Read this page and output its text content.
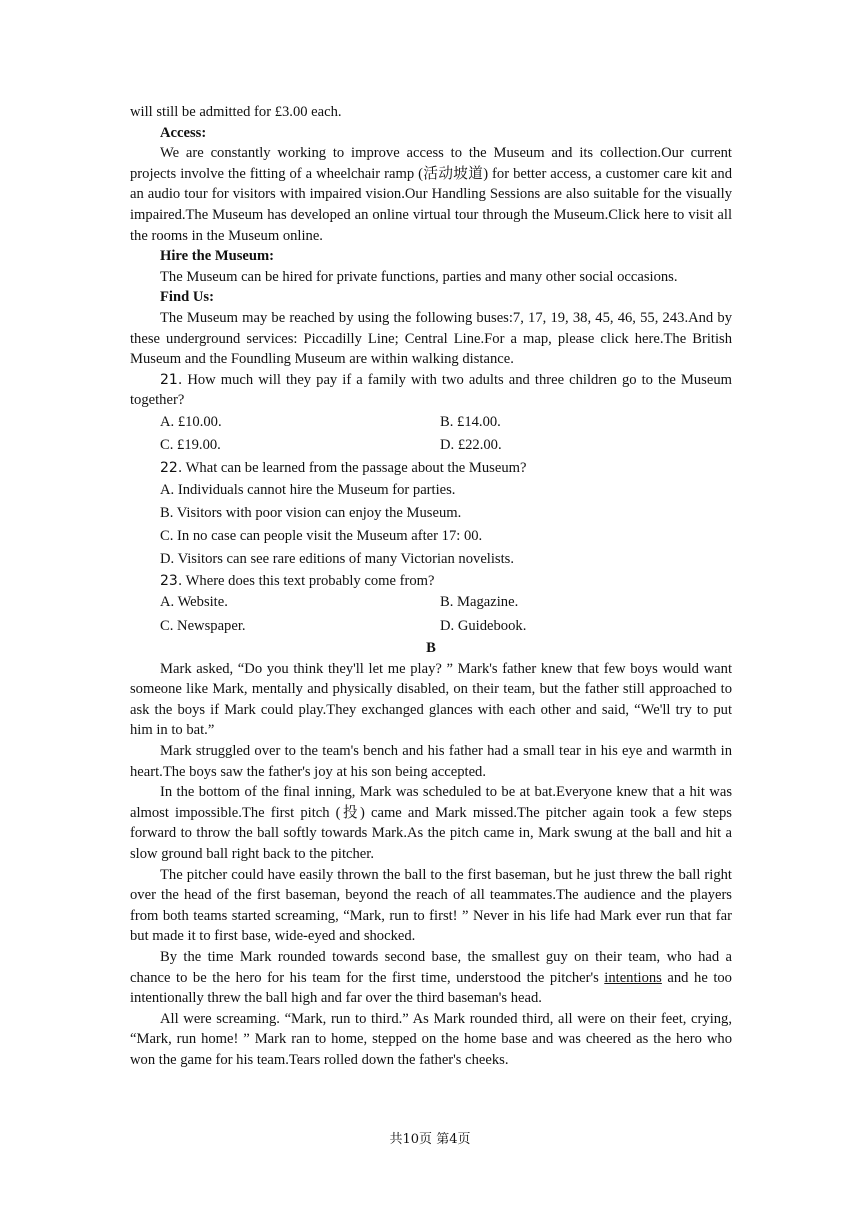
will still be admitted for £3.00 each.

Access:

We are constantly working to improve access to the Museum and its collection.Our current projects involve the fitting of a wheelchair ramp (活动坡道) for better access, a customer care kit and an audio tour for visitors with impaired vision.Our Handling Sessions are also suitable for the visually impaired.The Museum has developed an online virtual tour through the Museum.Click here to visit all the rooms in the Museum online.

Hire the Museum:

The Museum can be hired for private functions, parties and many other social occasions.

Find Us:

The Museum may be reached by using the following buses:7, 17, 19, 38, 45, 46, 55, 243.And by these underground services: Piccadilly Line; Central Line.For a map, please click here.The British Museum and the Foundling Museum are within walking distance.

21. How much will they pay if a family with two adults and three children go to the Museum together?

A. £10.00.	B. £14.00.
C. £19.00.	D. £22.00.

22. What can be learned from the passage about the Museum?

A. Individuals cannot hire the Museum for parties.
B. Visitors with poor vision can enjoy the Museum.
C. In no case can people visit the Museum after 17: 00.
D. Visitors can see rare editions of many Victorian novelists.

23. Where does this text probably come from?

A. Website.	B. Magazine.
C. Newspaper.	D. Guidebook.

B

Mark asked, “Do you think they'll let me play? ” Mark's father knew that few boys would want someone like Mark, mentally and physically disabled, on their team, but the father still approached to ask the boys if Mark could play.They exchanged glances with each other and said, “We'll try to put him in to bat.”

Mark struggled over to the team's bench and his father had a small tear in his eye and warmth in heart.The boys saw the father's joy at his son being accepted.

In the bottom of the final inning, Mark was scheduled to be at bat.Everyone knew that a hit was almost impossible.The first pitch (投) came and Mark missed.The pitcher again took a few steps forward to throw the ball softly towards Mark.As the pitch came in, Mark swung at the ball and hit a slow ground ball right back to the pitcher.

The pitcher could have easily thrown the ball to the first baseman, but he just threw the ball right over the head of the first baseman, beyond the reach of all teammates.The audience and the players from both teams started screaming, “Mark, run to first! ” Never in his life had Mark ever run that far but made it to first base, wide-eyed and shocked.

By the time Mark rounded towards second base, the smallest guy on their team, who had a chance to be the hero for his team for the first time, understood the pitcher's intentions and he too intentionally threw the ball high and far over the third baseman's head.

All were screaming. “Mark, run to third.” As Mark rounded third, all were on their feet, crying, “Mark, run home! ” Mark ran to home, stepped on the home base and was cheered as the hero who won the game for his team.Tears rolled down the father's cheeks.

共10页 第4页
